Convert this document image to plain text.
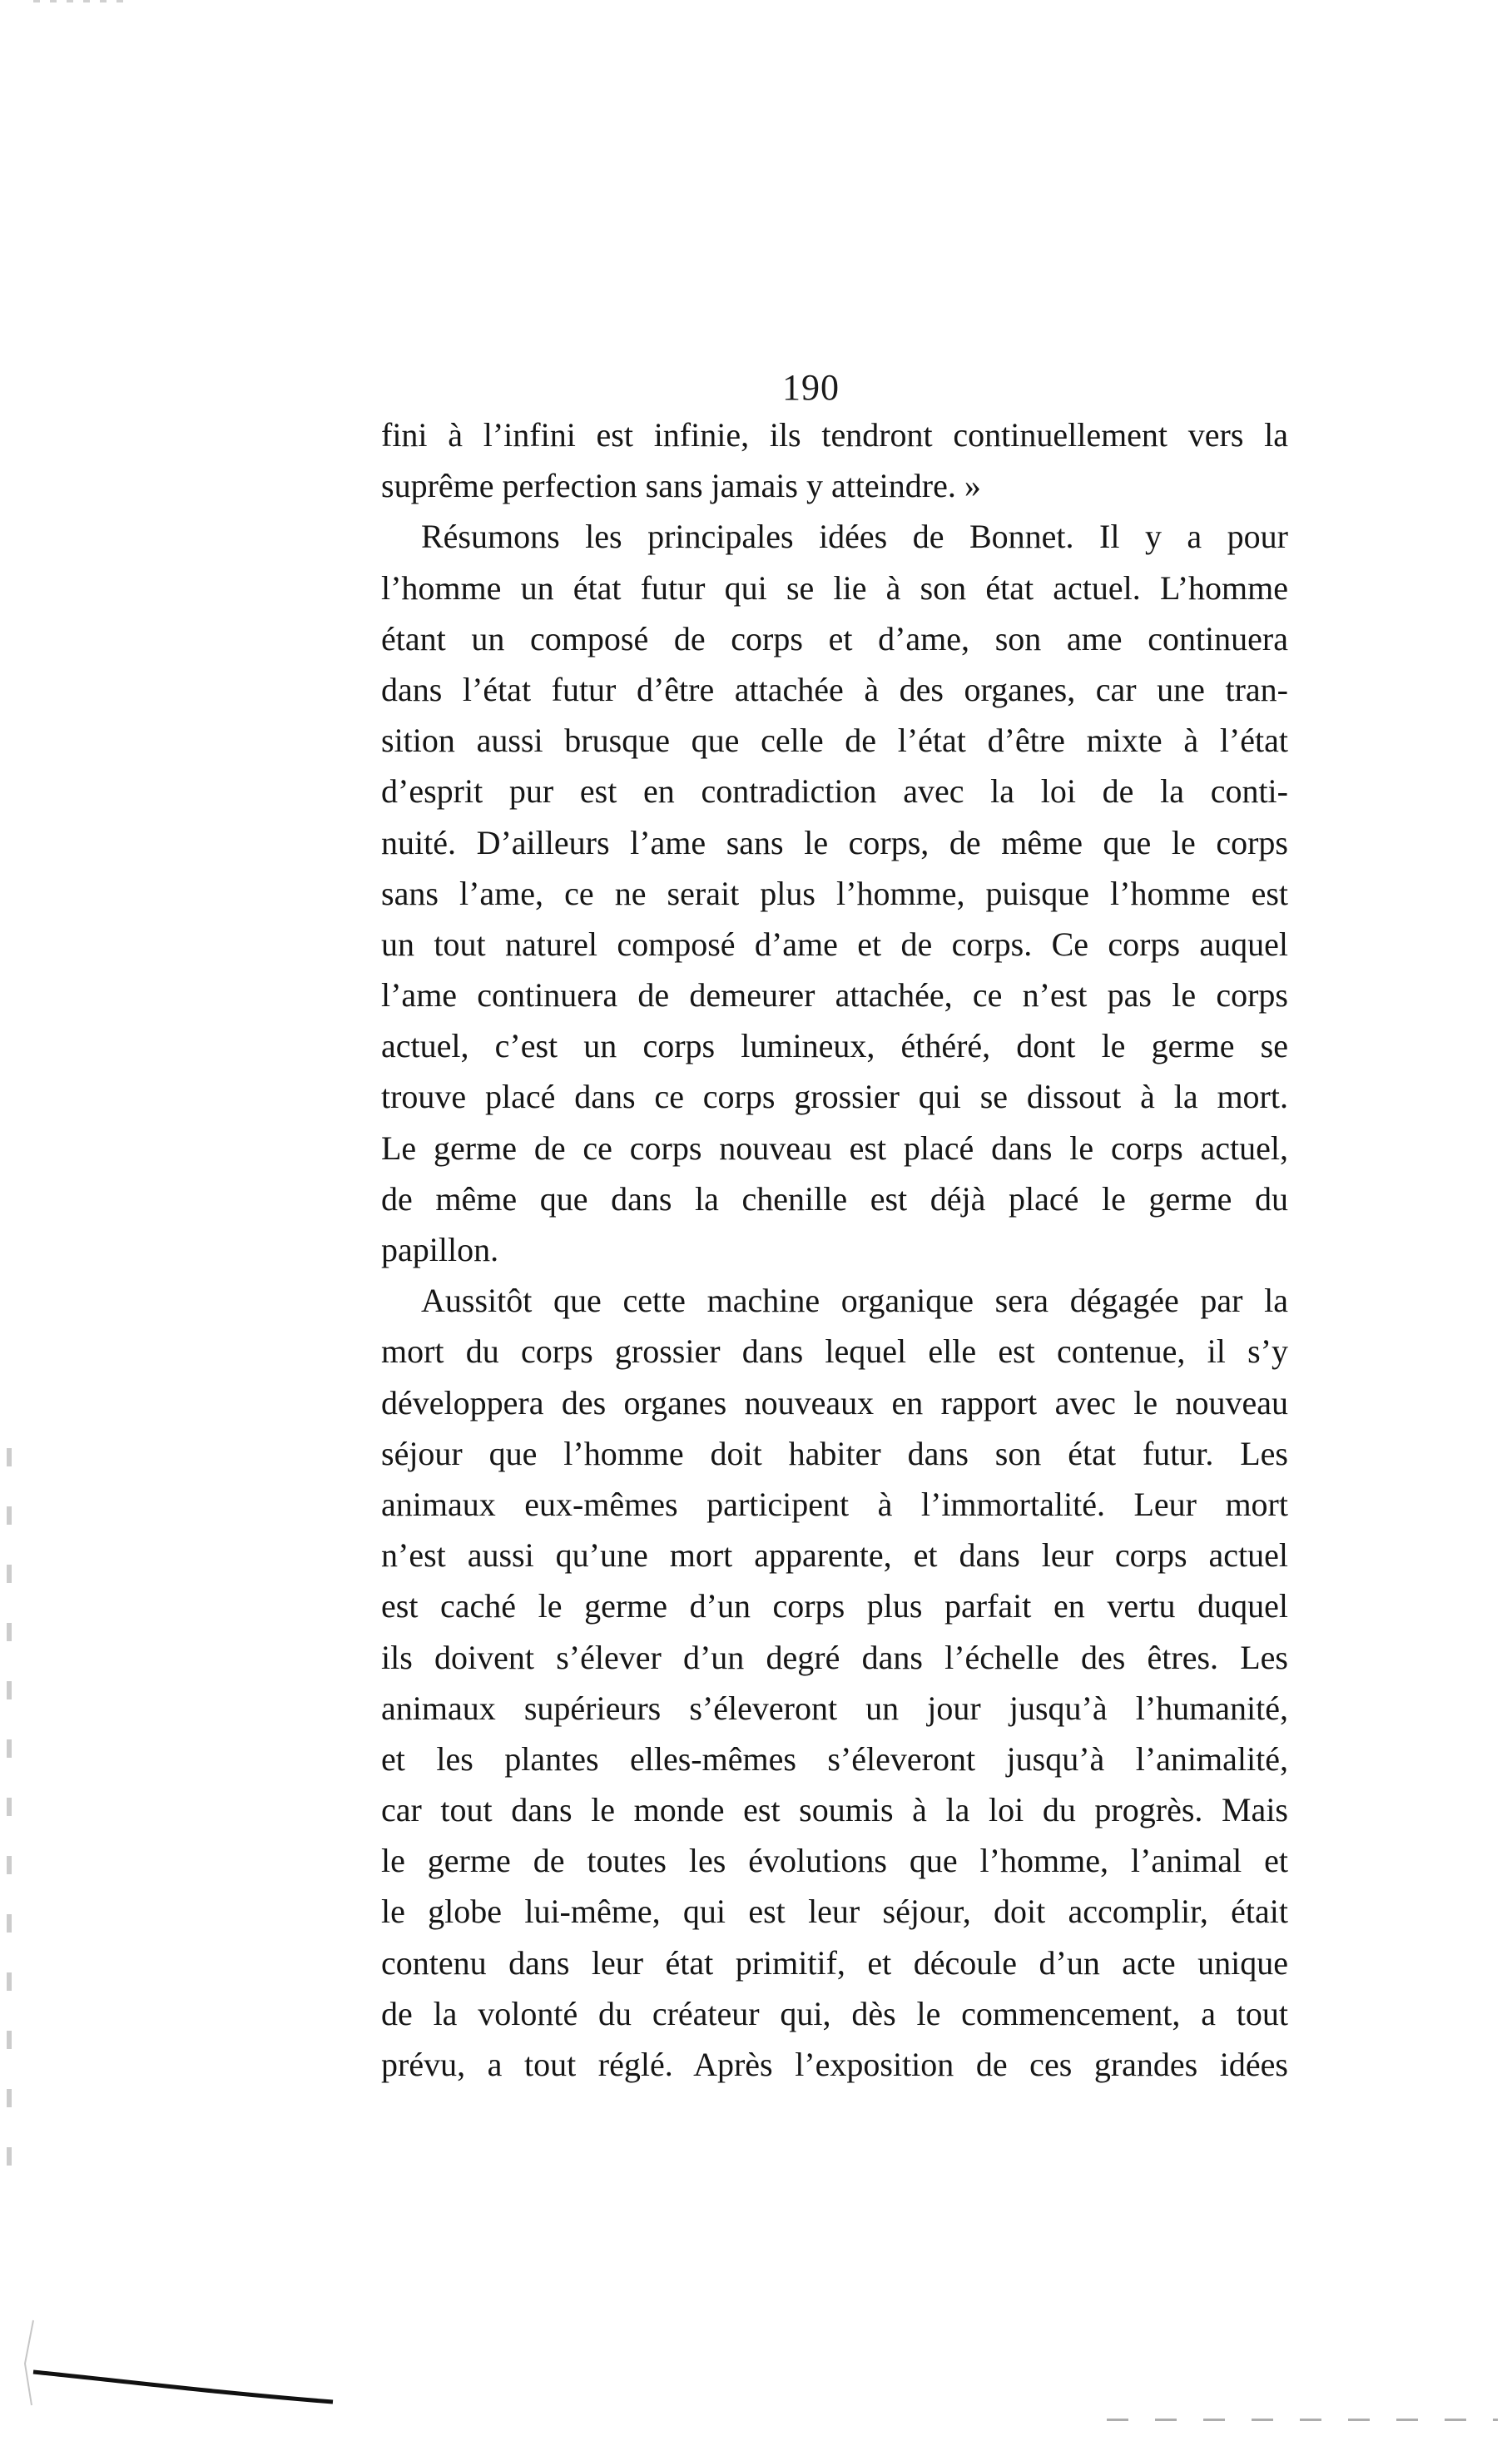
190
fini à l’infini est infinie, ils tendront continuellement vers la
suprême perfection sans jamais y atteindre. »
Résumons les principales idées de Bonnet. Il y a pour
l’homme un état futur qui se lie à son état actuel. L’homme
étant un composé de corps et d’ame, son ame continuera
dans l’état futur d’être attachée à des organes, car une tran-
sition aussi brusque que celle de l’état d’être mixte à l’état
d’esprit pur est en contradiction avec la loi de la conti-
nuité. D’ailleurs l’ame sans le corps, de même que le corps
sans l’ame, ce ne serait plus l’homme, puisque l’homme est
un tout naturel composé d’ame et de corps. Ce corps auquel
l’ame continuera de demeurer attachée, ce n’est pas le corps
actuel, c’est un corps lumineux, éthéré, dont le germe se
trouve placé dans ce corps grossier qui se dissout à la mort.
Le germe de ce corps nouveau est placé dans le corps actuel,
de même que dans la chenille est déjà placé le germe du
papillon.
Aussitôt que cette machine organique sera dégagée par la
mort du corps grossier dans lequel elle est contenue, il s’y
développera des organes nouveaux en rapport avec le nouveau
séjour que l’homme doit habiter dans son état futur. Les
animaux eux-mêmes participent à l’immortalité. Leur mort
n’est aussi qu’une mort apparente, et dans leur corps actuel
est caché le germe d’un corps plus parfait en vertu duquel
ils doivent s’élever d’un degré dans l’échelle des êtres. Les
animaux supérieurs s’éleveront un jour jusqu’à l’humanité,
et les plantes elles-mêmes s’éleveront jusqu’à l’animalité,
car tout dans le monde est soumis à la loi du progrès. Mais
le germe de toutes les évolutions que l’homme, l’animal et
le globe lui-même, qui est leur séjour, doit accomplir, était
contenu dans leur état primitif, et découle d’un acte unique
de la volonté du créateur qui, dès le commencement, a tout
prévu, a tout réglé. Après l’exposition de ces grandes idées
